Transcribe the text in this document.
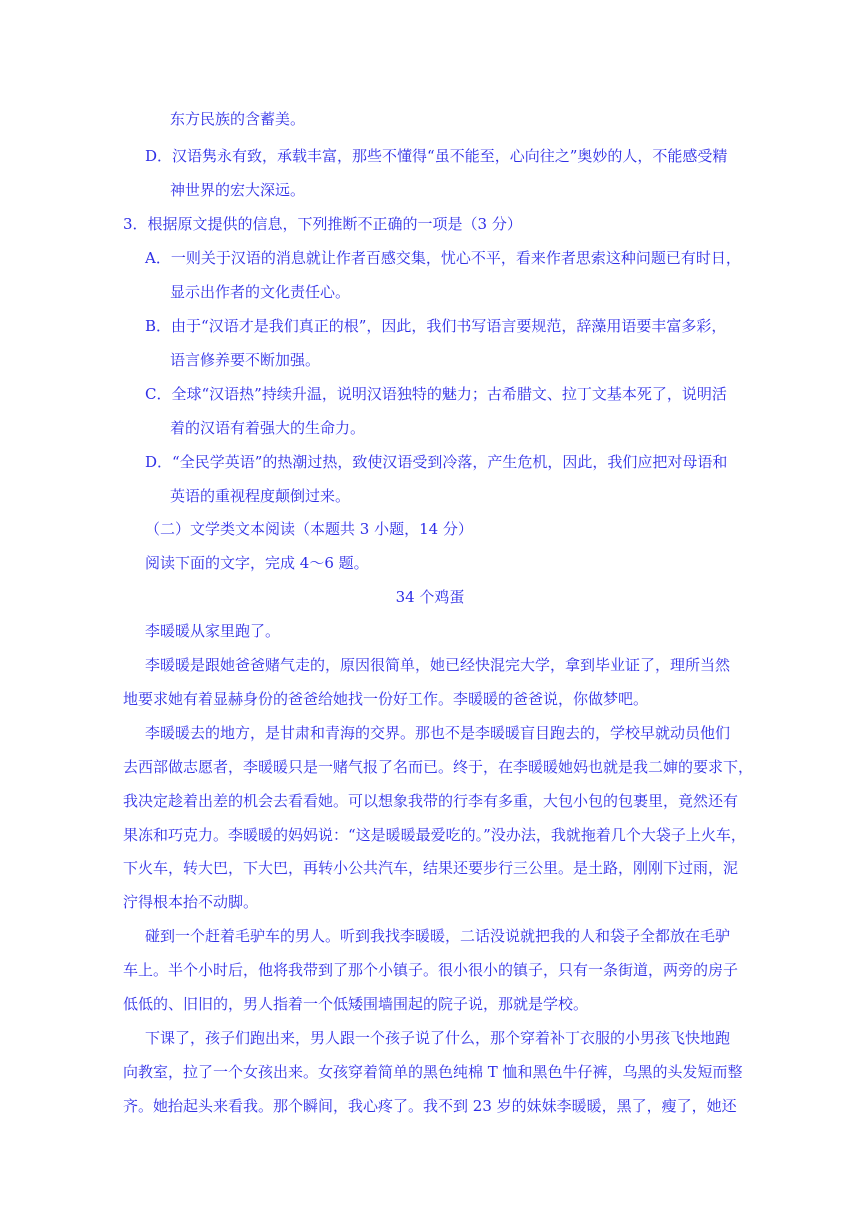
东方民族的含蓄美。
D．汉语隽永有致，承载丰富，那些不懂得“虽不能至，心向往之”奥妙的人，不能感受精
神世界的宏大深远。
3．根据原文提供的信息，下列推断不正确的一项是（3 分）
A．一则关于汉语的消息就让作者百感交集，忧心不平，看来作者思索这种问题已有时日，
显示出作者的文化责任心。
B．由于“汉语才是我们真正的根”，因此，我们书写语言要规范，辞藻用语要丰富多彩，
语言修养要不断加强。
C．全球“汉语热”持续升温，说明汉语独特的魅力；古希腊文、拉丁文基本死了，说明活
着的汉语有着强大的生命力。
D．“全民学英语”的热潮过热，致使汉语受到冷落，产生危机，因此，我们应把对母语和
英语的重视程度颠倒过来。
（二）文学类文本阅读（本题共 3 小题，14 分）
阅读下面的文字，完成 4～6 题。
34 个鸡蛋
李暖暖从家里跑了。
李暖暖是跟她爸爸赌气走的，原因很简单，她已经快混完大学，拿到毕业证了，理所当然
地要求她有着显赫身份的爸爸给她找一份好工作。李暖暖的爸爸说，你做梦吧。
李暖暖去的地方，是甘肃和青海的交界。那也不是李暖暖盲目跑去的，学校早就动员他们
去西部做志愿者，李暖暖只是一赌气报了名而已。终于，在李暖暖她妈也就是我二婶的要求下，
我决定趁着出差的机会去看看她。可以想象我带的行李有多重，大包小包的包裹里，竟然还有
果冻和巧克力。李暖暖的妈妈说：“这是暖暖最爱吃的。”没办法，我就拖着几个大袋子上火车，
下火车，转大巴，下大巴，再转小公共汽车，结果还要步行三公里。是土路，刚刚下过雨，泥
泞得根本抬不动脚。
碰到一个赶着毛驴车的男人。听到我找李暖暖，二话没说就把我的人和袋子全都放在毛驴
车上。半个小时后，他将我带到了那个小镇子。很小很小的镇子，只有一条街道，两旁的房子
低低的、旧旧的，男人指着一个低矮围墙围起的院子说，那就是学校。
下课了，孩子们跑出来，男人跟一个孩子说了什么，那个穿着补丁衣服的小男孩飞快地跑
向教室，拉了一个女孩出来。女孩穿着简单的黑色纯棉 T 恤和黑色牛仔裤，乌黑的头发短而整
齐。她抬起头来看我。那个瞬间，我心疼了。我不到 23 岁的妹妹李暖暖，黑了，瘦了，她还
